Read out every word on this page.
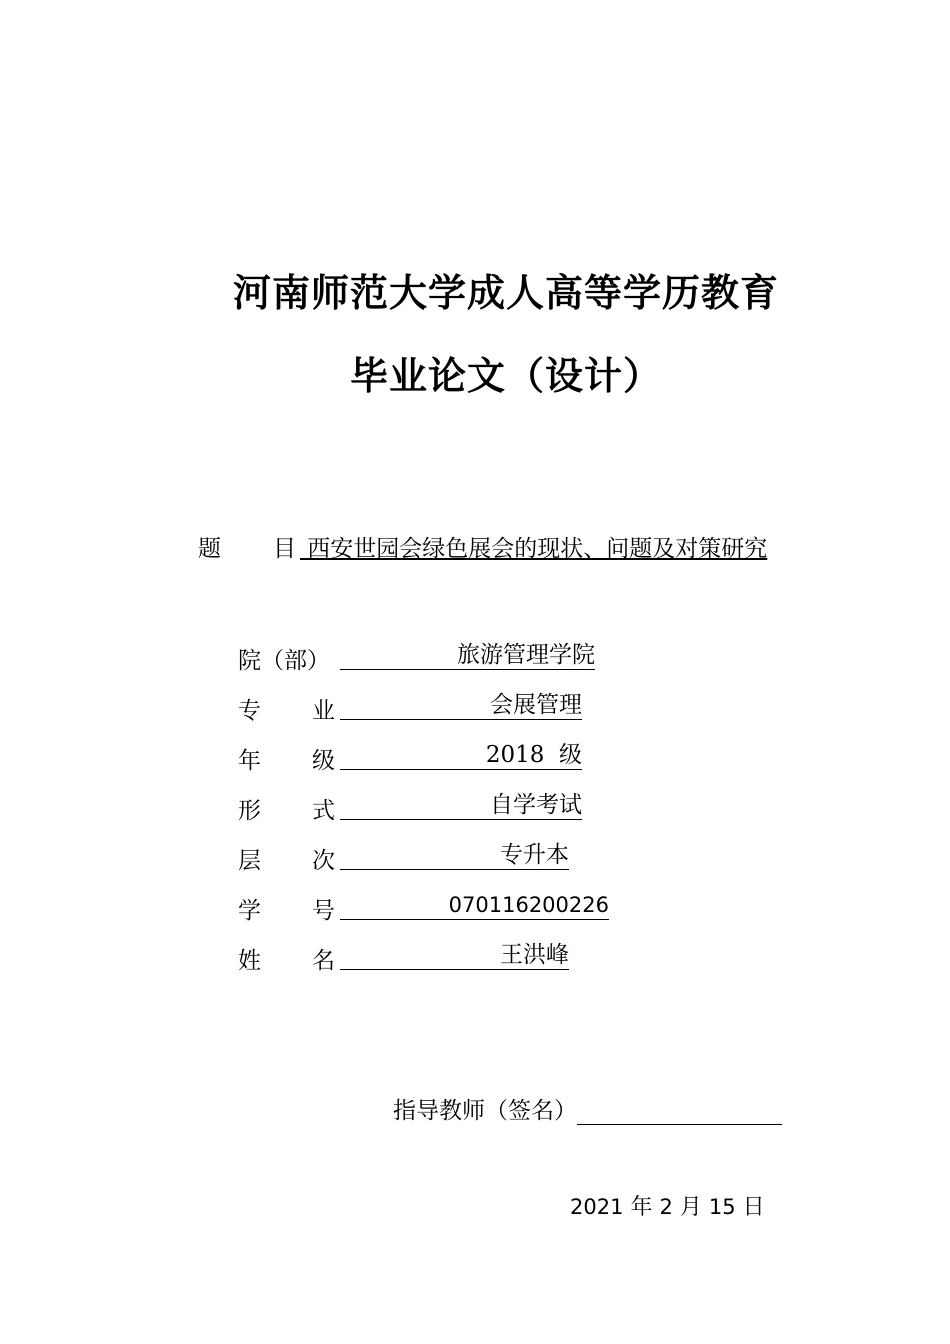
河南师范大学成人高等学历教育
毕业论文（设计）
题 目 西安世园会绿色展会的现状、问题及对策研究
院（部）	旅游管理学院
专 业	会展管理
年 级	2018  级
形 式	自学考试
层 次	专升本
学 号	070116200226
姓 名	王洪峰
指导教师（签名）
2021 年 2 月 15 日
